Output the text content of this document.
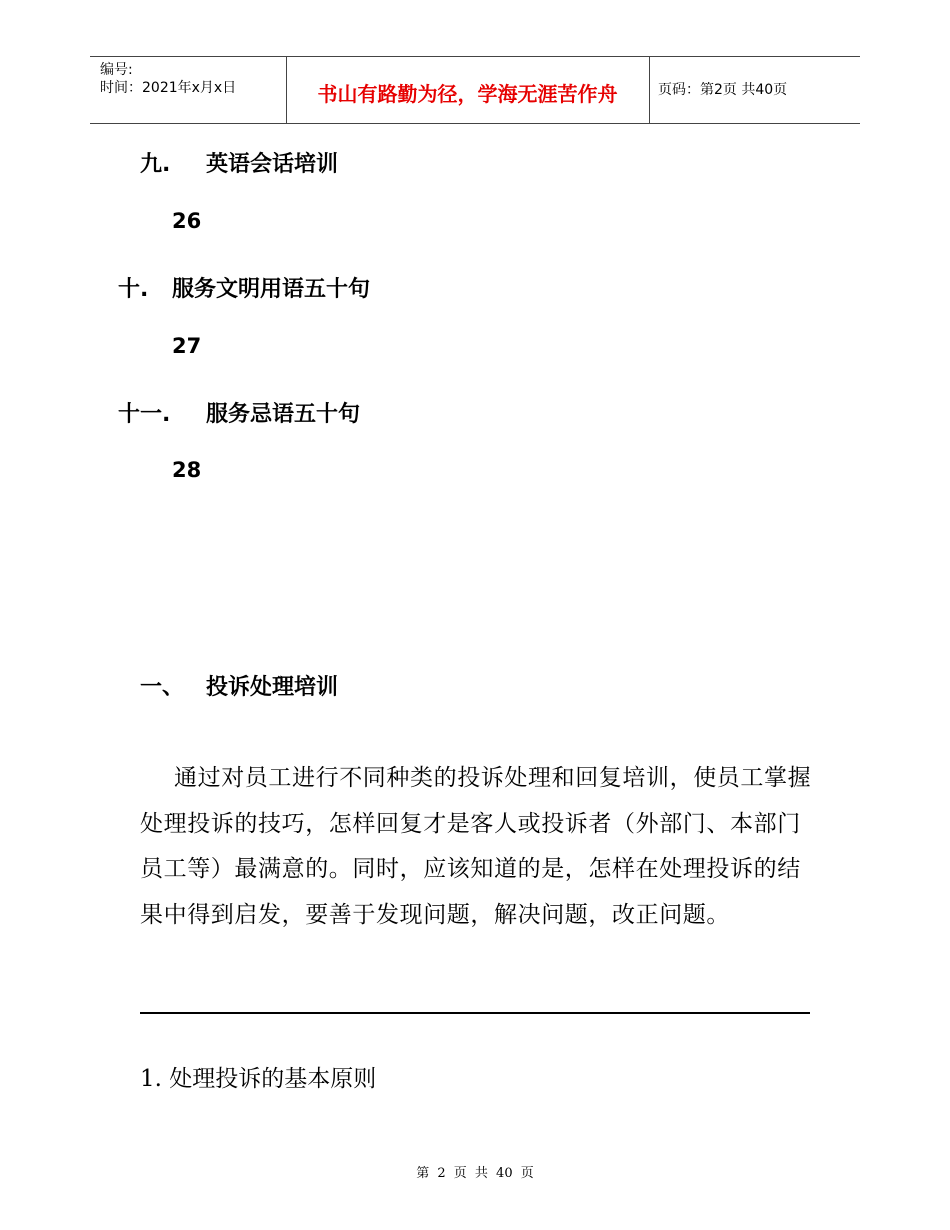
编号:
时间：2021年x月x日	书山有路勤为径，学海无涯苦作舟	页码：第2页 共40页
九. 英语会话培训
26
十. 服务文明用语五十句
27
十一. 服务忌语五十句
28
一、 投诉处理培训

通过对员工进行不同种类的投诉处理和回复培训，使员工掌握处理投诉的技巧，怎样回复才是客人或投诉者（外部门、本部门员工等）最满意的。同时，应该知道的是，怎样在处理投诉的结果中得到启发，要善于发现问题，解决问题，改正问题。

1. 处理投诉的基本原则
第 2 页 共 40 页
